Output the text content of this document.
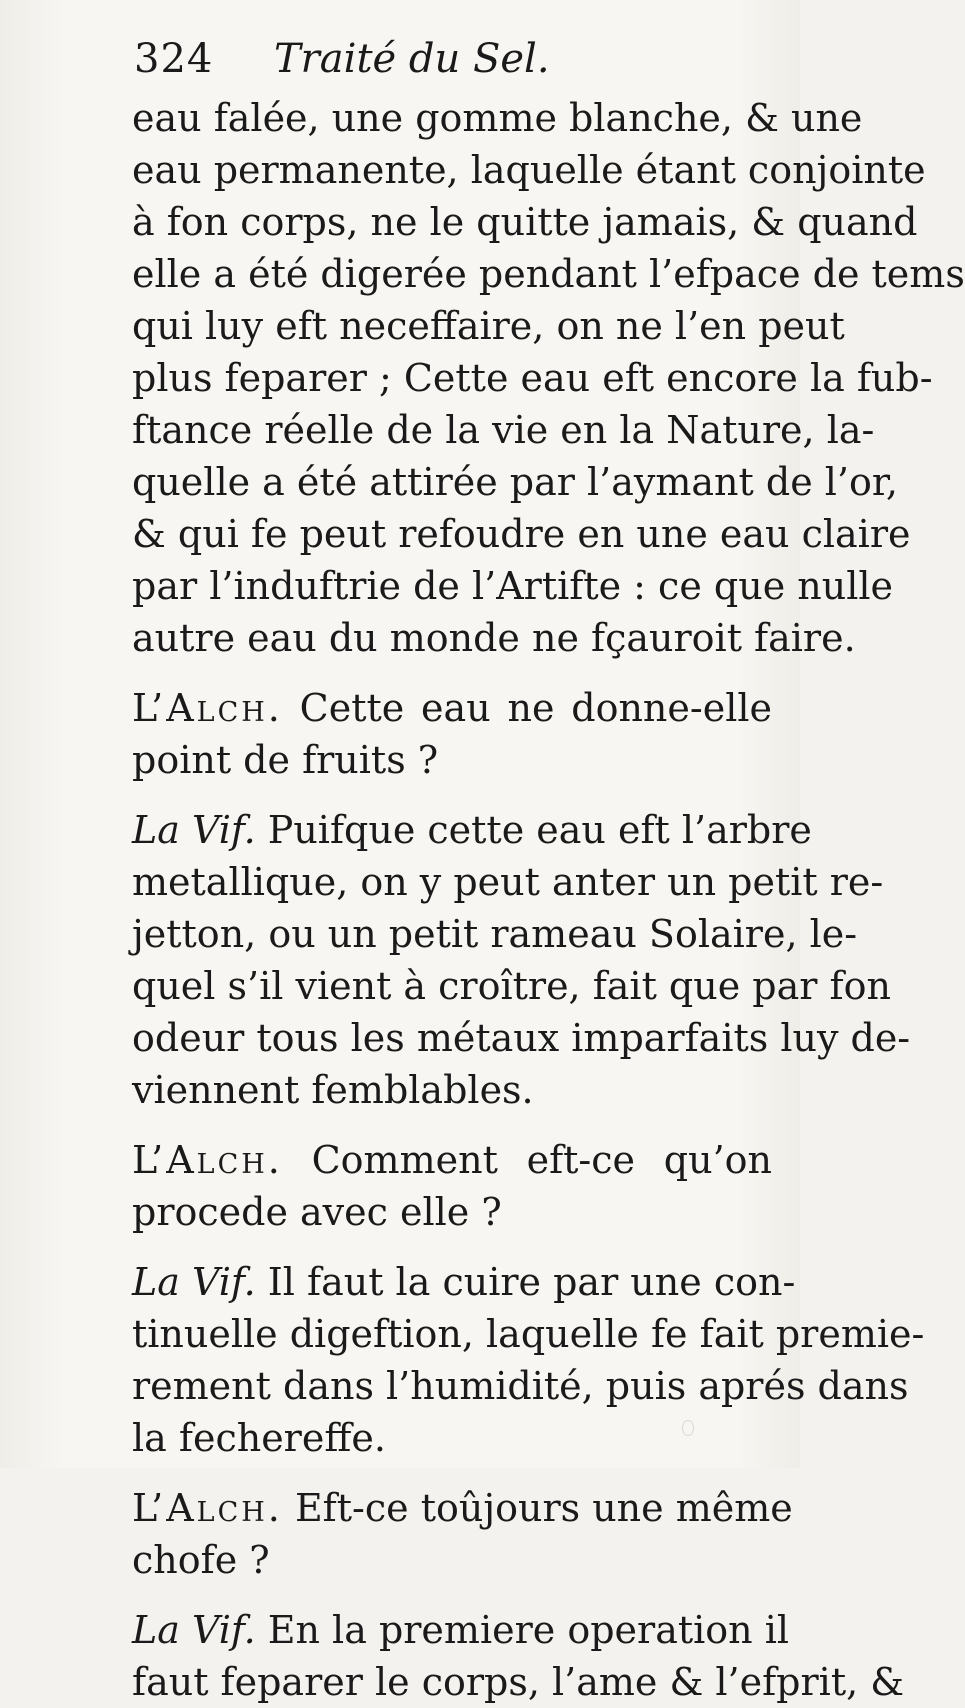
324 Traité du Sel.
eau falée, une gomme blanche, & une
eau permanente, laquelle étant conjointe
à fon corps, ne le quitte jamais, & quand
elle a été digerée pendant l’efpace de tems
qui luy eft neceffaire, on ne l’en peut
plus feparer ; Cette eau eft encore la fub-
ftance réelle de la vie en la Nature, la-
quelle a été attirée par l’aymant de l’or,
& qui fe peut refoudre en une eau claire
par l’induftrie de l’Artifte : ce que nulle
autre eau du monde ne fçauroit faire.
L’Alch. Cette eau ne donne-elle
point de fruits ?
La Vif. Puifque cette eau eft l’arbre
metallique, on y peut anter un petit re-
jetton, ou un petit rameau Solaire, le-
quel s’il vient à croître, fait que par fon
odeur tous les métaux imparfaits luy de-
viennent femblables.
L’Alch. Comment eft-ce qu’on
procede avec elle ?
La Vif. Il faut la cuire par une con-
tinuelle digeftion, laquelle fe fait premie-
rement dans l’humidité, puis aprés dans
la fechereffe.
L’Alch. Eft-ce toûjours une même
chofe ?
La Vif. En la premiere operation il
faut feparer le corps, l’ame & l’efprit, &
